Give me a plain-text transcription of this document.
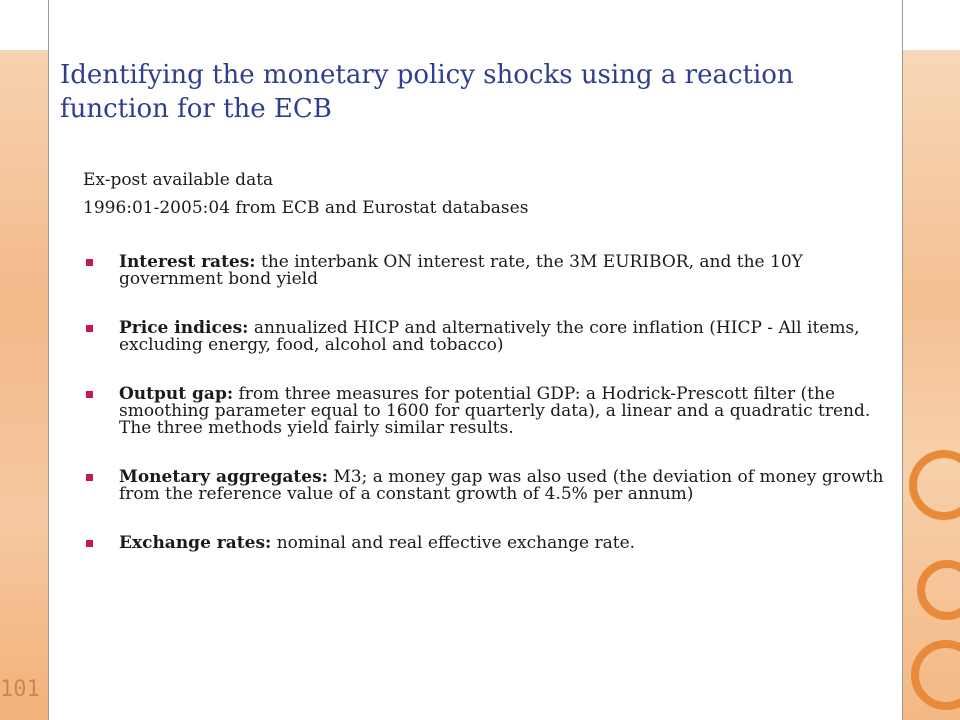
101
Identifying the monetary policy shocks using a reaction function for the ECB
Ex-post available data
1996:01-2005:04 from ECB and Eurostat databases
Interest rates: the interbank ON interest rate, the 3M EURIBOR, and the 10Y government bond yield
Price indices: annualized HICP and alternatively the core inflation (HICP - All items, excluding energy, food, alcohol and tobacco)
Output gap: from three measures for potential GDP: a Hodrick-Prescott filter (the smoothing parameter equal to 1600 for quarterly data), a linear and a quadratic trend. The three methods yield fairly similar results.
Monetary aggregates: M3; a money gap was also used (the deviation of money growth from the reference value of a constant growth of 4.5% per annum)
Exchange rates: nominal and real effective exchange rate.
